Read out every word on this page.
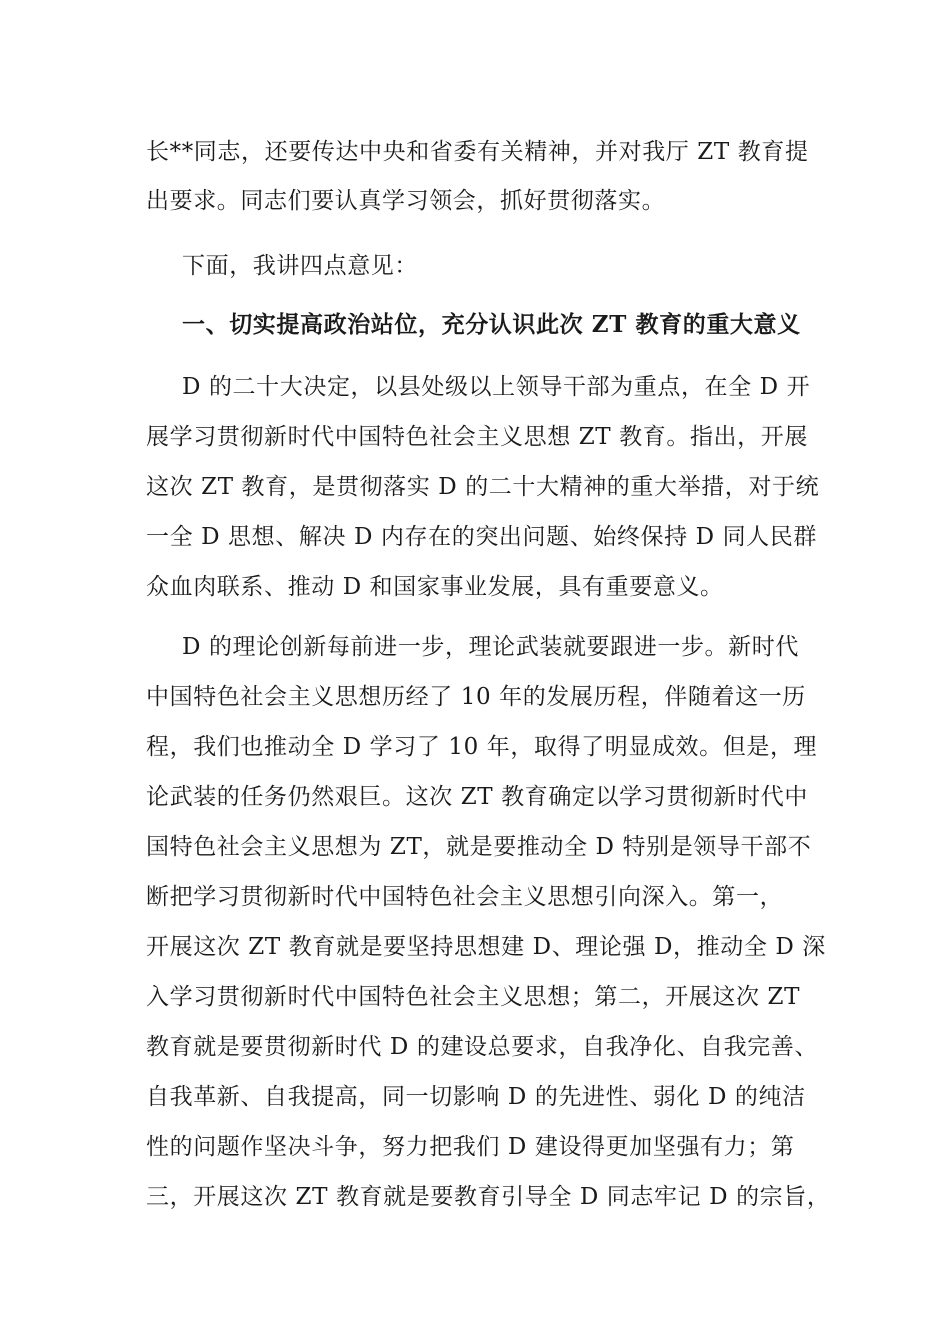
长**同志，还要传达中央和省委有关精神，并对我厅 ZT 教育提
出要求。同志们要认真学习领会，抓好贯彻落实。
下面，我讲四点意见：
一、切实提高政治站位，充分认识此次 ZT 教育的重大意义
D 的二十大决定，以县处级以上领导干部为重点，在全 D 开
展学习贯彻新时代中国特色社会主义思想 ZT 教育。指出，开展
这次 ZT 教育，是贯彻落实 D 的二十大精神的重大举措，对于统
一全 D 思想、解决 D 内存在的突出问题、始终保持 D 同人民群
众血肉联系、推动 D 和国家事业发展，具有重要意义。
D 的理论创新每前进一步，理论武装就要跟进一步。新时代
中国特色社会主义思想历经了 10 年的发展历程，伴随着这一历
程，我们也推动全 D 学习了 10 年，取得了明显成效。但是，理
论武装的任务仍然艰巨。这次 ZT 教育确定以学习贯彻新时代中
国特色社会主义思想为 ZT，就是要推动全 D 特别是领导干部不
断把学习贯彻新时代中国特色社会主义思想引向深入。第一，
开展这次 ZT 教育就是要坚持思想建 D、理论强 D，推动全 D 深
入学习贯彻新时代中国特色社会主义思想；第二，开展这次 ZT
教育就是要贯彻新时代 D 的建设总要求，自我净化、自我完善、
自我革新、自我提高，同一切影响 D 的先进性、弱化 D 的纯洁
性的问题作坚决斗争，努力把我们 D 建设得更加坚强有力；第
三，开展这次 ZT 教育就是要教育引导全 D 同志牢记 D 的宗旨，
